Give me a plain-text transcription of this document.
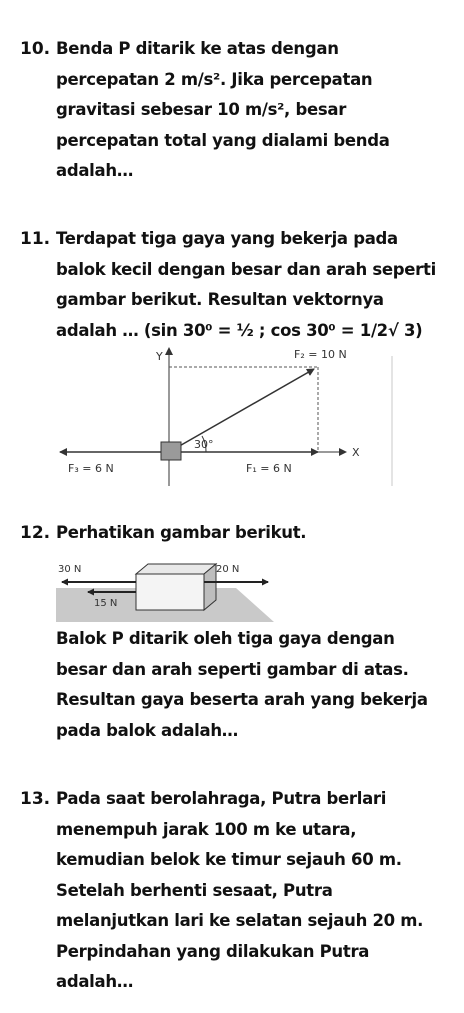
10. Benda P ditarik ke atas dengan
percepatan 2 m/s². Jika percepatan
gravitasi sebesar 10 m/s², besar
percepatan total yang dialami benda
adalah…
11. Terdapat tiga gaya yang bekerja pada
balok kecil dengan besar dan arah seperti
gambar berikut. Resultan vektornya
adalah … (sin 30⁰ = ½ ; cos 30⁰ = 1/2√ 3)
Y
X
30°
F₂ = 10 N
F₃ = 6 N	F₁ = 6 N
12. Perhatikan gambar berikut.
30 N
15 N
20 N
Balok P ditarik oleh tiga gaya dengan
besar dan arah seperti gambar di atas.
Resultan gaya beserta arah yang bekerja
pada balok adalah…
13. Pada saat berolahraga, Putra berlari
menempuh jarak 100 m ke utara,
kemudian belok ke timur sejauh 60 m.
Setelah berhenti sesaat, Putra
melanjutkan lari ke selatan sejauh 20 m.
Perpindahan yang dilakukan Putra
adalah…
